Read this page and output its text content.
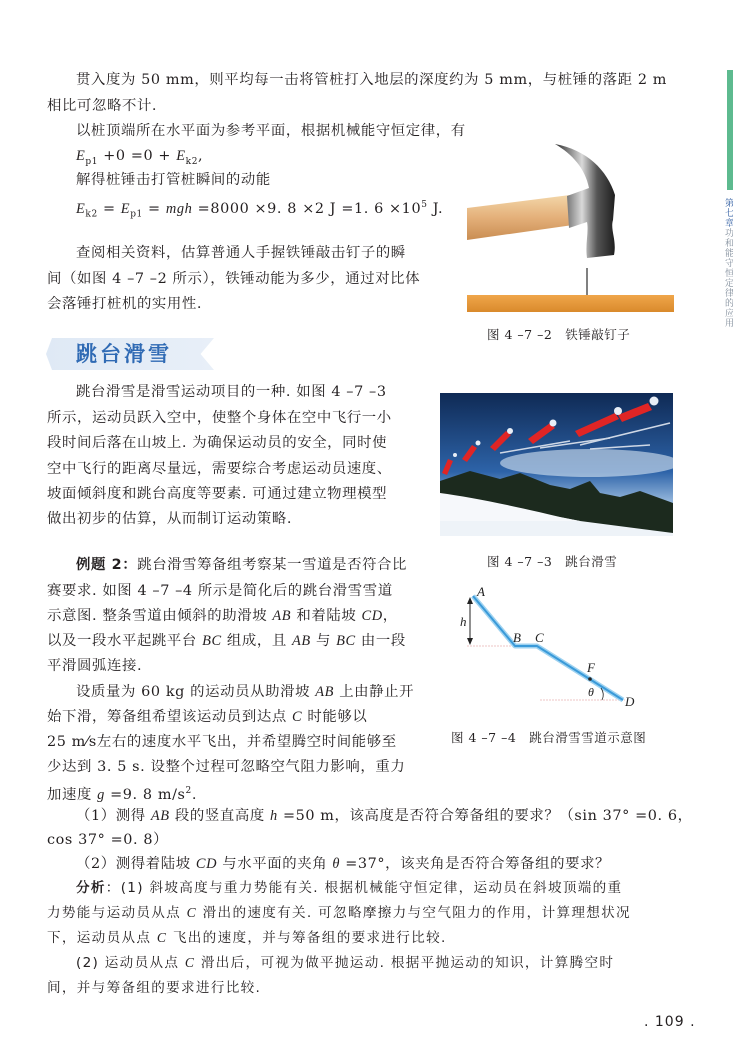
第七章功和能守恒定律的应用
贯入度为 50 mm，则平均每一击将管桩打入地层的深度约为 5 mm，与桩锤的落距 2 m
相比可忽略不计.
以桩顶端所在水平面为参考平面，根据机械能守恒定律，有
$E_{p1} +0 =0 + E_{k2}$,
解得桩锤击打管桩瞬间的动能
$E_{k2} = E_{p1}$ = mgh =8000 ×9. 8 ×2 J =1. $6 \times 10^5$ J.
查阅相关资料，估算普通人手握铁锤敲击钉子的瞬
间（如图 4 –7 –2 所示），铁锤动能为多少，通过对比体
会落锤打桩机的实用性.
图 4 –7 –2　铁锤敲钉子
跳台滑雪
跳台滑雪是滑雪运动项目的一种. 如图 4 –7 –3
所示，运动员跃入空中，使整个身体在空中飞行一小
段时间后落在山坡上. 为确保运动员的安全，同时使
空中飞行的距离尽量远，需要综合考虑运动员速度、
坡面倾斜度和跳台高度等要素. 可通过建立物理模型
做出初步的估算，从而制订运动策略.
图 4 –7 –3　跳台滑雪
例题 2：跳台滑雪筹备组考察某一雪道是否符合比
赛要求. 如图 4 –7 –4 所示是简化后的跳台滑雪雪道
示意图. 整条雪道由倾斜的助滑坡 AB 和着陆坡 CD，
以及一段水平起跳平台 BC 组成，且 AB 与 BC 由一段
平滑圆弧连接.
设质量为 60 kg 的运动员从助滑坡 AB 上由静止开
始下滑，筹备组希望该运动员到达点 C 时能够以
25 m⁄s左右的速度水平飞出，并希望腾空时间能够至
少达到 3. 5 s. 设整个过程可忽略空气阻力影响，重力
加速度 g =9. 8 $m/s^2$.
A
h
B C
F
θ
D
图 4 –7 –4　跳台滑雪雪道示意图
（1）测得 AB 段的竖直高度 h =50 m，该高度是否符合筹备组的要求？（sin 37° =0. 6，
cos 37° =0. 8）
（2）测得着陆坡 CD 与水平面的夹角 θ =37°，该夹角是否符合筹备组的要求？
分析：(1) 斜坡高度与重力势能有关. 根据机械能守恒定律，运动员在斜坡顶端的重
力势能与运动员从点 C 滑出的速度有关. 可忽略摩擦力与空气阻力的作用，计算理想状况
下，运动员从点 C 飞出的速度，并与筹备组的要求进行比较.
(2) 运动员从点 C 滑出后，可视为做平抛运动. 根据平抛运动的知识，计算腾空时
间，并与筹备组的要求进行比较.
. 109 .
